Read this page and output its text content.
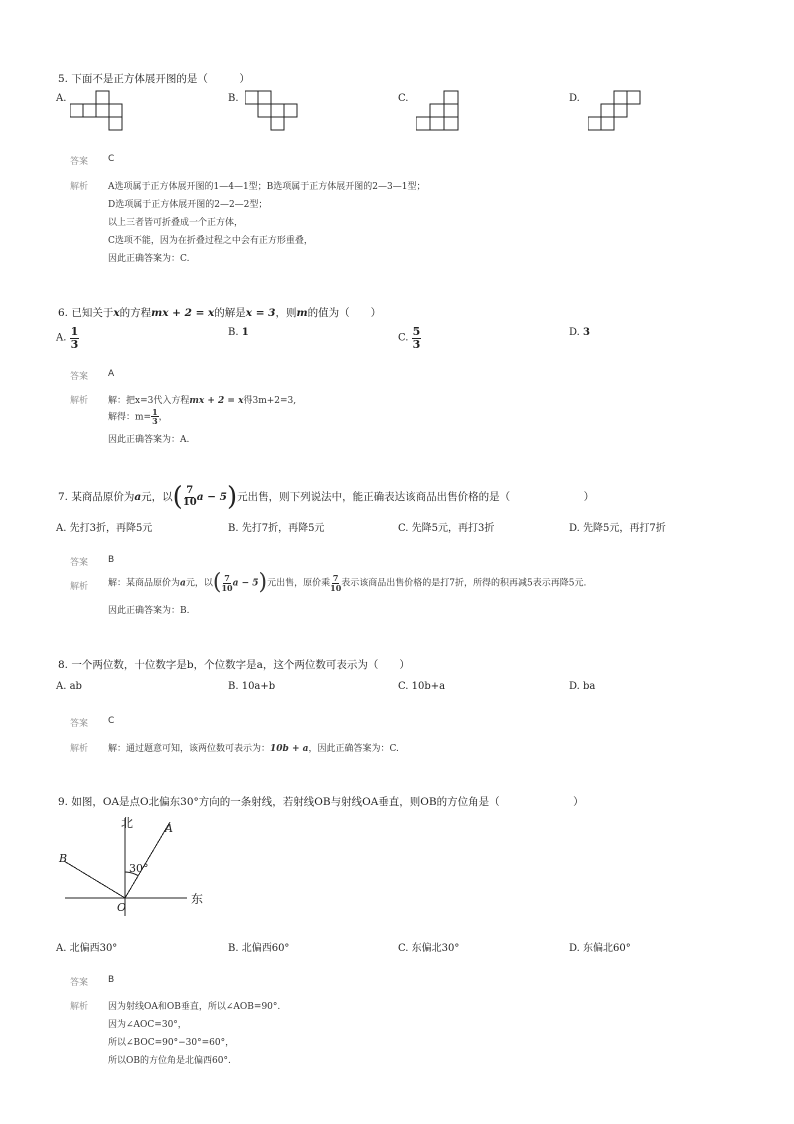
5. 下面不是正方体展开图的是（　　　）
A.	B.	C.	D.
答案 C
解析 A选项属于正方体展开图的1—4—1型；B选项属于正方体展开图的2—3—1型；
D选项属于正方体展开图的2—2—2型；
以上三者皆可折叠成一个正方体，
C选项不能，因为在折叠过程之中会有正方形重叠，
因此正确答案为：C.
6. 已知关于x的方程mx + 2 = x的解是x = 3，则m的值为（　　）
A. $\frac{1}{3}$	B. 1
C. $\frac{5}{3}$	D. 3
答案 A
解析 解：把x=3代入方程mx + 2 = x得3m+2=3,
解得：$m= \frac{1}{3}$ ，
因此正确答案为：A.
7. 某商品原价为a元，以( $\frac{7}{10}$ a − 5)元出售，则下列说法中，能正确表达该商品出售价格的是（　　　　　　　）
A. 先打3折，再降5元	B. 先打7折，再降5元	C. 先降5元，再打3折	D. 先降5元，再打7折
答案 B
解析 解：某商品原价为a元，以( $\frac{7}{10}$ a − 5)元出售，原价乘 $\frac{7}{10}$ 表示该商品出售价格的是打7折，所得的积再减5表示再降5元.
因此正确答案为：B.
8. 一个两位数，十位数字是b，个位数字是a，这个两位数可表示为（　　）
A. ab	B. 10a+b	C. 10b+a	D. ba
答案 C
解析 解：通过题意可知，该两位数可表示为：10b + a，因此正确答案为：C.
9. 如图，OA是点O北偏东30°方向的一条射线，若射线OB与射线OA垂直，则OB的方位角是（　　　　　　　）
北
东
A
B
O
30°
A. 北偏西30°	B. 北偏西60°	C. 东偏北30°	D. 东偏北60°
答案 B
解析 因为射线OA和OB垂直，所以∠AOB=90°.
因为∠AOC=30°，
所以∠BOC=90°−30°=60°，
所以OB的方位角是北偏西60°.
